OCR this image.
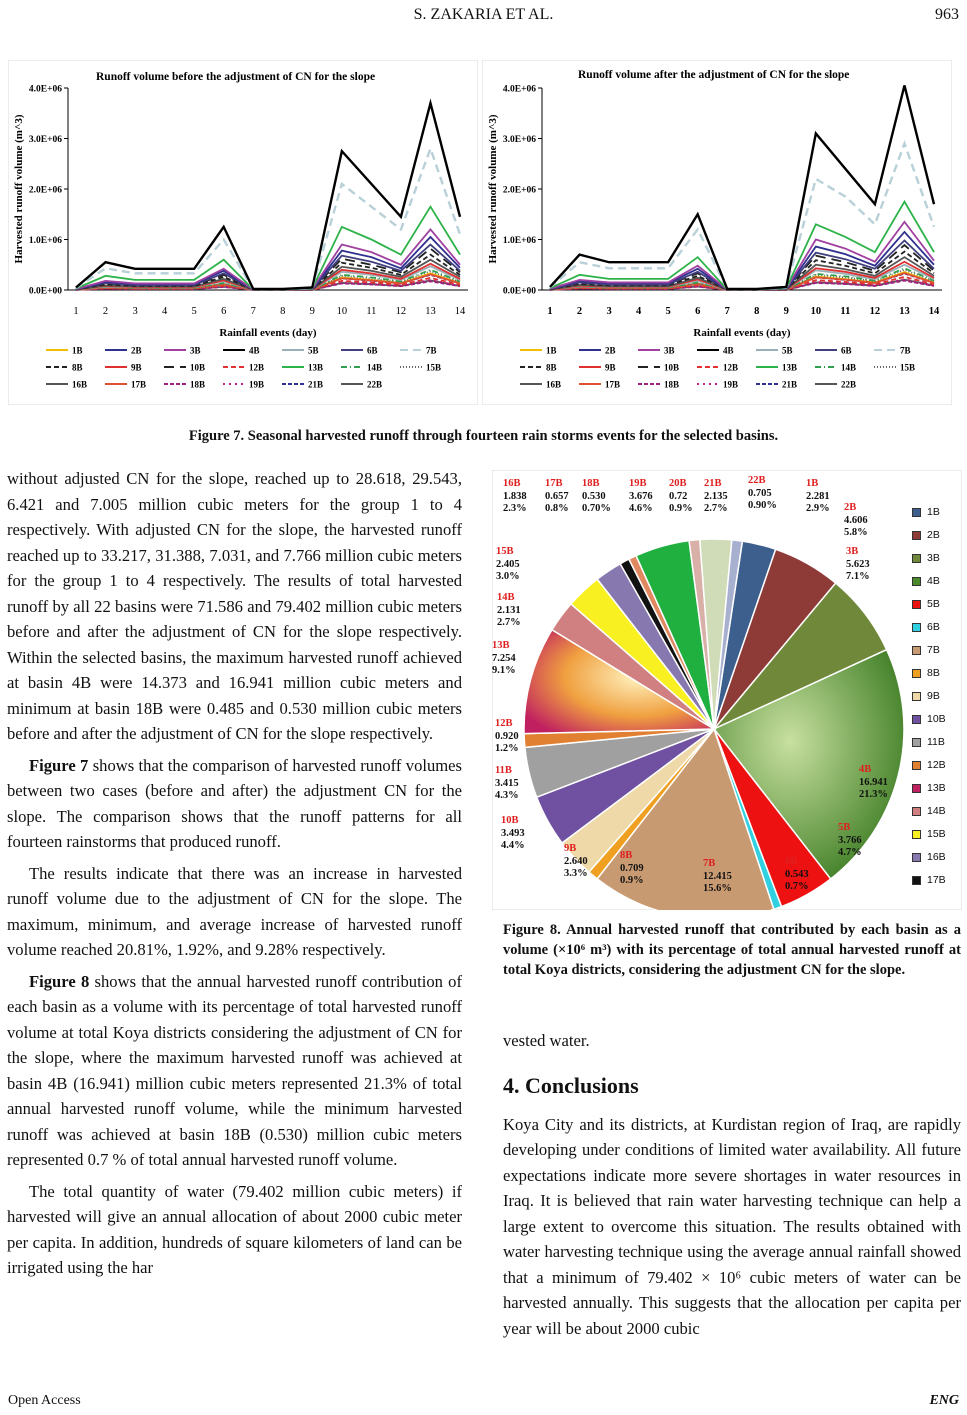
S. ZAKARIA ET AL.	963
Runoff volume before the adjustment of CN for the slope
0.0E+00
1.0E+06
2.0E+06
3.0E+06
4.0E+06
1 2 3 4 5 6 7 8 9 10 11 12 13 14
Rainfall events (day)
Harvested runoff volume (m^3)
1B	2B	3B	4B	5B	6B	7B
8B	9B	10B	12B	13B	14B	15B
16B	17B	18B	19B	21B	22B
Runoff volume after the adjustment of CN for the slope
0.0E+00
1.0E+06
2.0E+06
3.0E+06
4.0E+06
1 2 3 4 5 6 7 8 9 10 11 12 13 14
Rainfall events (day)
Harvested runoff volume (m^3)
1B	2B	3B	4B	5B	6B	7B
8B	9B	10B	12B	13B	14B	15B
16B	17B	18B	19B	21B	22B
Figure 7. Seasonal harvested runoff through fourteen rain storms events for the selected basins.

without adjusted CN for the slope, reached up to 28.618, 29.543, 6.421 and 7.005 million cubic meters for the group 1 to 4 respectively. With adjusted CN for the slope, the harvested runoff reached up to 33.217, 31.388, 7.031, and 7.766 million cubic meters for the group 1 to 4 respectively. The results of total harvested runoff by all 22 basins were 71.586 and 79.402 million cubic meters before and after the adjustment of CN for the slope respectively. Within the selected basins, the maximum harvested runoff achieved at basin 4B were 14.373 and 16.941 million cubic meters and minimum at basin 18B were 0.485 and 0.530 million cubic meters before and after the adjustment of CN for the slope respectively.

Figure 7 shows that the comparison of harvested runoff volumes between two cases (before and after) the adjustment CN for the slope. The comparison shows that the runoff patterns for all fourteen rainstorms that produced runoff.

The results indicate that there was an increase in harvested runoff volume due to the adjustment of CN for the slope. The maximum, minimum, and average increase of harvested runoff volume reached 20.81%, 1.92%, and 9.28% respectively.

Figure 8 shows that the annual harvested runoff contribution of each basin as a volume with its percentage of total harvested runoff volume at total Koya districts considering the adjustment of CN for the slope, where the maximum harvested runoff was achieved at basin 4B (16.941) million cubic meters represented 21.3% of total annual harvested runoff volume, while the minimum harvested runoff was achieved at basin 18B (0.530) million cubic meters represented 0.7 % of total annual harvested runoff volume.

The total quantity of water (79.402 million cubic meters) if harvested will give an annual allocation of about 2000 cubic meter per capita. In addition, hundreds of square kilometers of land can be irrigated using the har

1B
2.281
2.9% 2B
4.606
5.8%
3B
5.623
7.1%
4B
16.941
21.3%
5B
3.766
4.7%
6B
0.543
0.7%
7B
12.415
15.6%
8B
0.709
0.9%
9B
2.640
3.3%
10B
3.493
4.4%
11B
3.415
4.3%
12B
0.920
1.2%
13B
7.254
9.1%
14B
2.131
2.7%
15B
2.405
3.0%
16B
1.838
2.3%
17B
0.657
0.8%
18B
0.530
0.70%
19B
3.676
4.6%
20B
0.72
0.9%
21B
2.135
2.7%
22B
0.705
0.90%
1B
2B
3B
4B
5B
6B
7B
8B
9B
10B
11B
12B
13B
14B
15B
16B
17B
Figure 8. Annual harvested runoff that contributed by each basin as a volume (×10⁶ m³) with its percentage of total annual harvested runoff at total Koya districts, considering the adjustment CN for the slope.

vested water.

4. Conclusions

Koya City and its districts, at Kurdistan region of Iraq, are rapidly developing under conditions of limited water availability. All future expectations indicate more severe shortages in water resources in Iraq. It is believed that rain water harvesting technique can help a large extent to overcome this situation. The results obtained with water harvesting technique using the average annual rainfall showed that a minimum of 79.402 × 10⁶ cubic meters of water can be harvested annually. This suggests that the allocation per capita per year will be about 2000 cubic

Open Access	ENG
